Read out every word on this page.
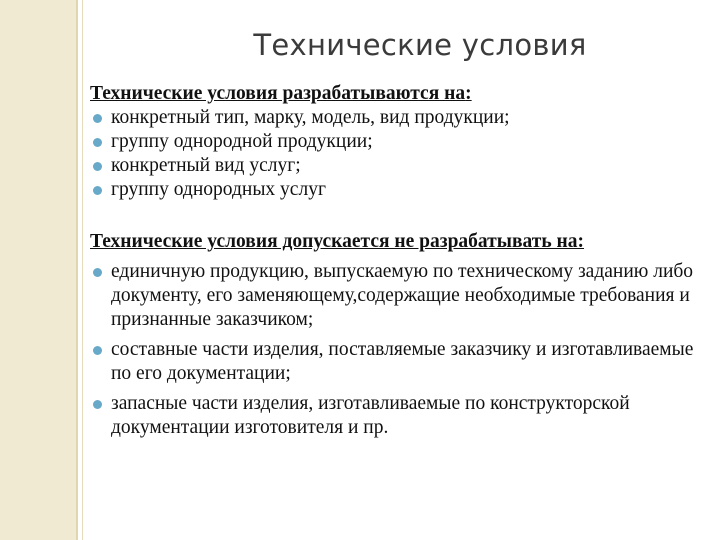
Технические условия
Технические условия разрабатываются на:
конкретный тип, марку, модель, вид продукции;
группу однородной продукции;
конкретный вид услуг;
группу однородных услуг
Технические условия допускается не разрабатывать на:
единичную продукцию, выпускаемую по техническому заданию либо документу, его заменяющему,содержащие необходимые требования и признанные заказчиком;
составные части изделия, поставляемые заказчику и изготавливаемые по его документации;
запасные части изделия, изготавливаемые по конструкторской документации изготовителя и пр.
